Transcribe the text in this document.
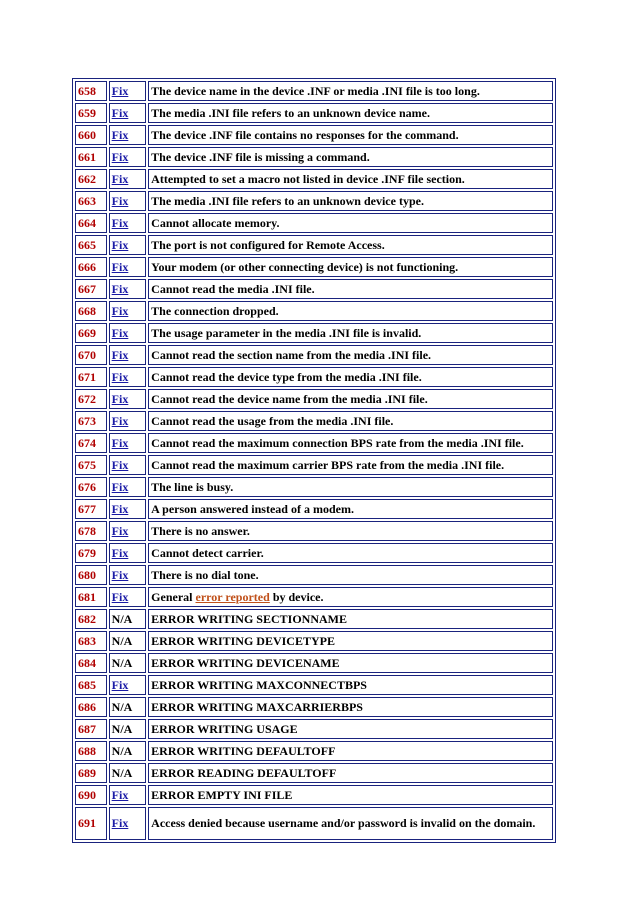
658	Fix	The device name in the device .INF or media .INI file is too long.
659	Fix	The media .INI file refers to an unknown device name.
660	Fix	The device .INF file contains no responses for the command.
661	Fix	The device .INF file is missing a command.
662	Fix	Attempted to set a macro not listed in device .INF file section.
663	Fix	The media .INI file refers to an unknown device type.
664	Fix	Cannot allocate memory.
665	Fix	The port is not configured for Remote Access.
666	Fix	Your modem (or other connecting device) is not functioning.
667	Fix	Cannot read the media .INI file.
668	Fix	The connection dropped.
669	Fix	The usage parameter in the media .INI file is invalid.
670	Fix	Cannot read the section name from the media .INI file.
671	Fix	Cannot read the device type from the media .INI file.
672	Fix	Cannot read the device name from the media .INI file.
673	Fix	Cannot read the usage from the media .INI file.
674	Fix	Cannot read the maximum connection BPS rate from the media .INI file.
675	Fix	Cannot read the maximum carrier BPS rate from the media .INI file.
676	Fix	The line is busy.
677	Fix	A person answered instead of a modem.
678	Fix	There is no answer.
679	Fix	Cannot detect carrier.
680	Fix	There is no dial tone.
681	Fix	General error reported by device.
682	N/A	ERROR WRITING SECTIONNAME
683	N/A	ERROR WRITING DEVICETYPE
684	N/A	ERROR WRITING DEVICENAME
685	Fix	ERROR WRITING MAXCONNECTBPS
686	N/A	ERROR WRITING MAXCARRIERBPS
687	N/A	ERROR WRITING USAGE
688	N/A	ERROR WRITING DEFAULTOFF
689	N/A	ERROR READING DEFAULTOFF
690	Fix	ERROR EMPTY INI FILE
691	Fix	Access denied because username and/or password is invalid on the domain.
